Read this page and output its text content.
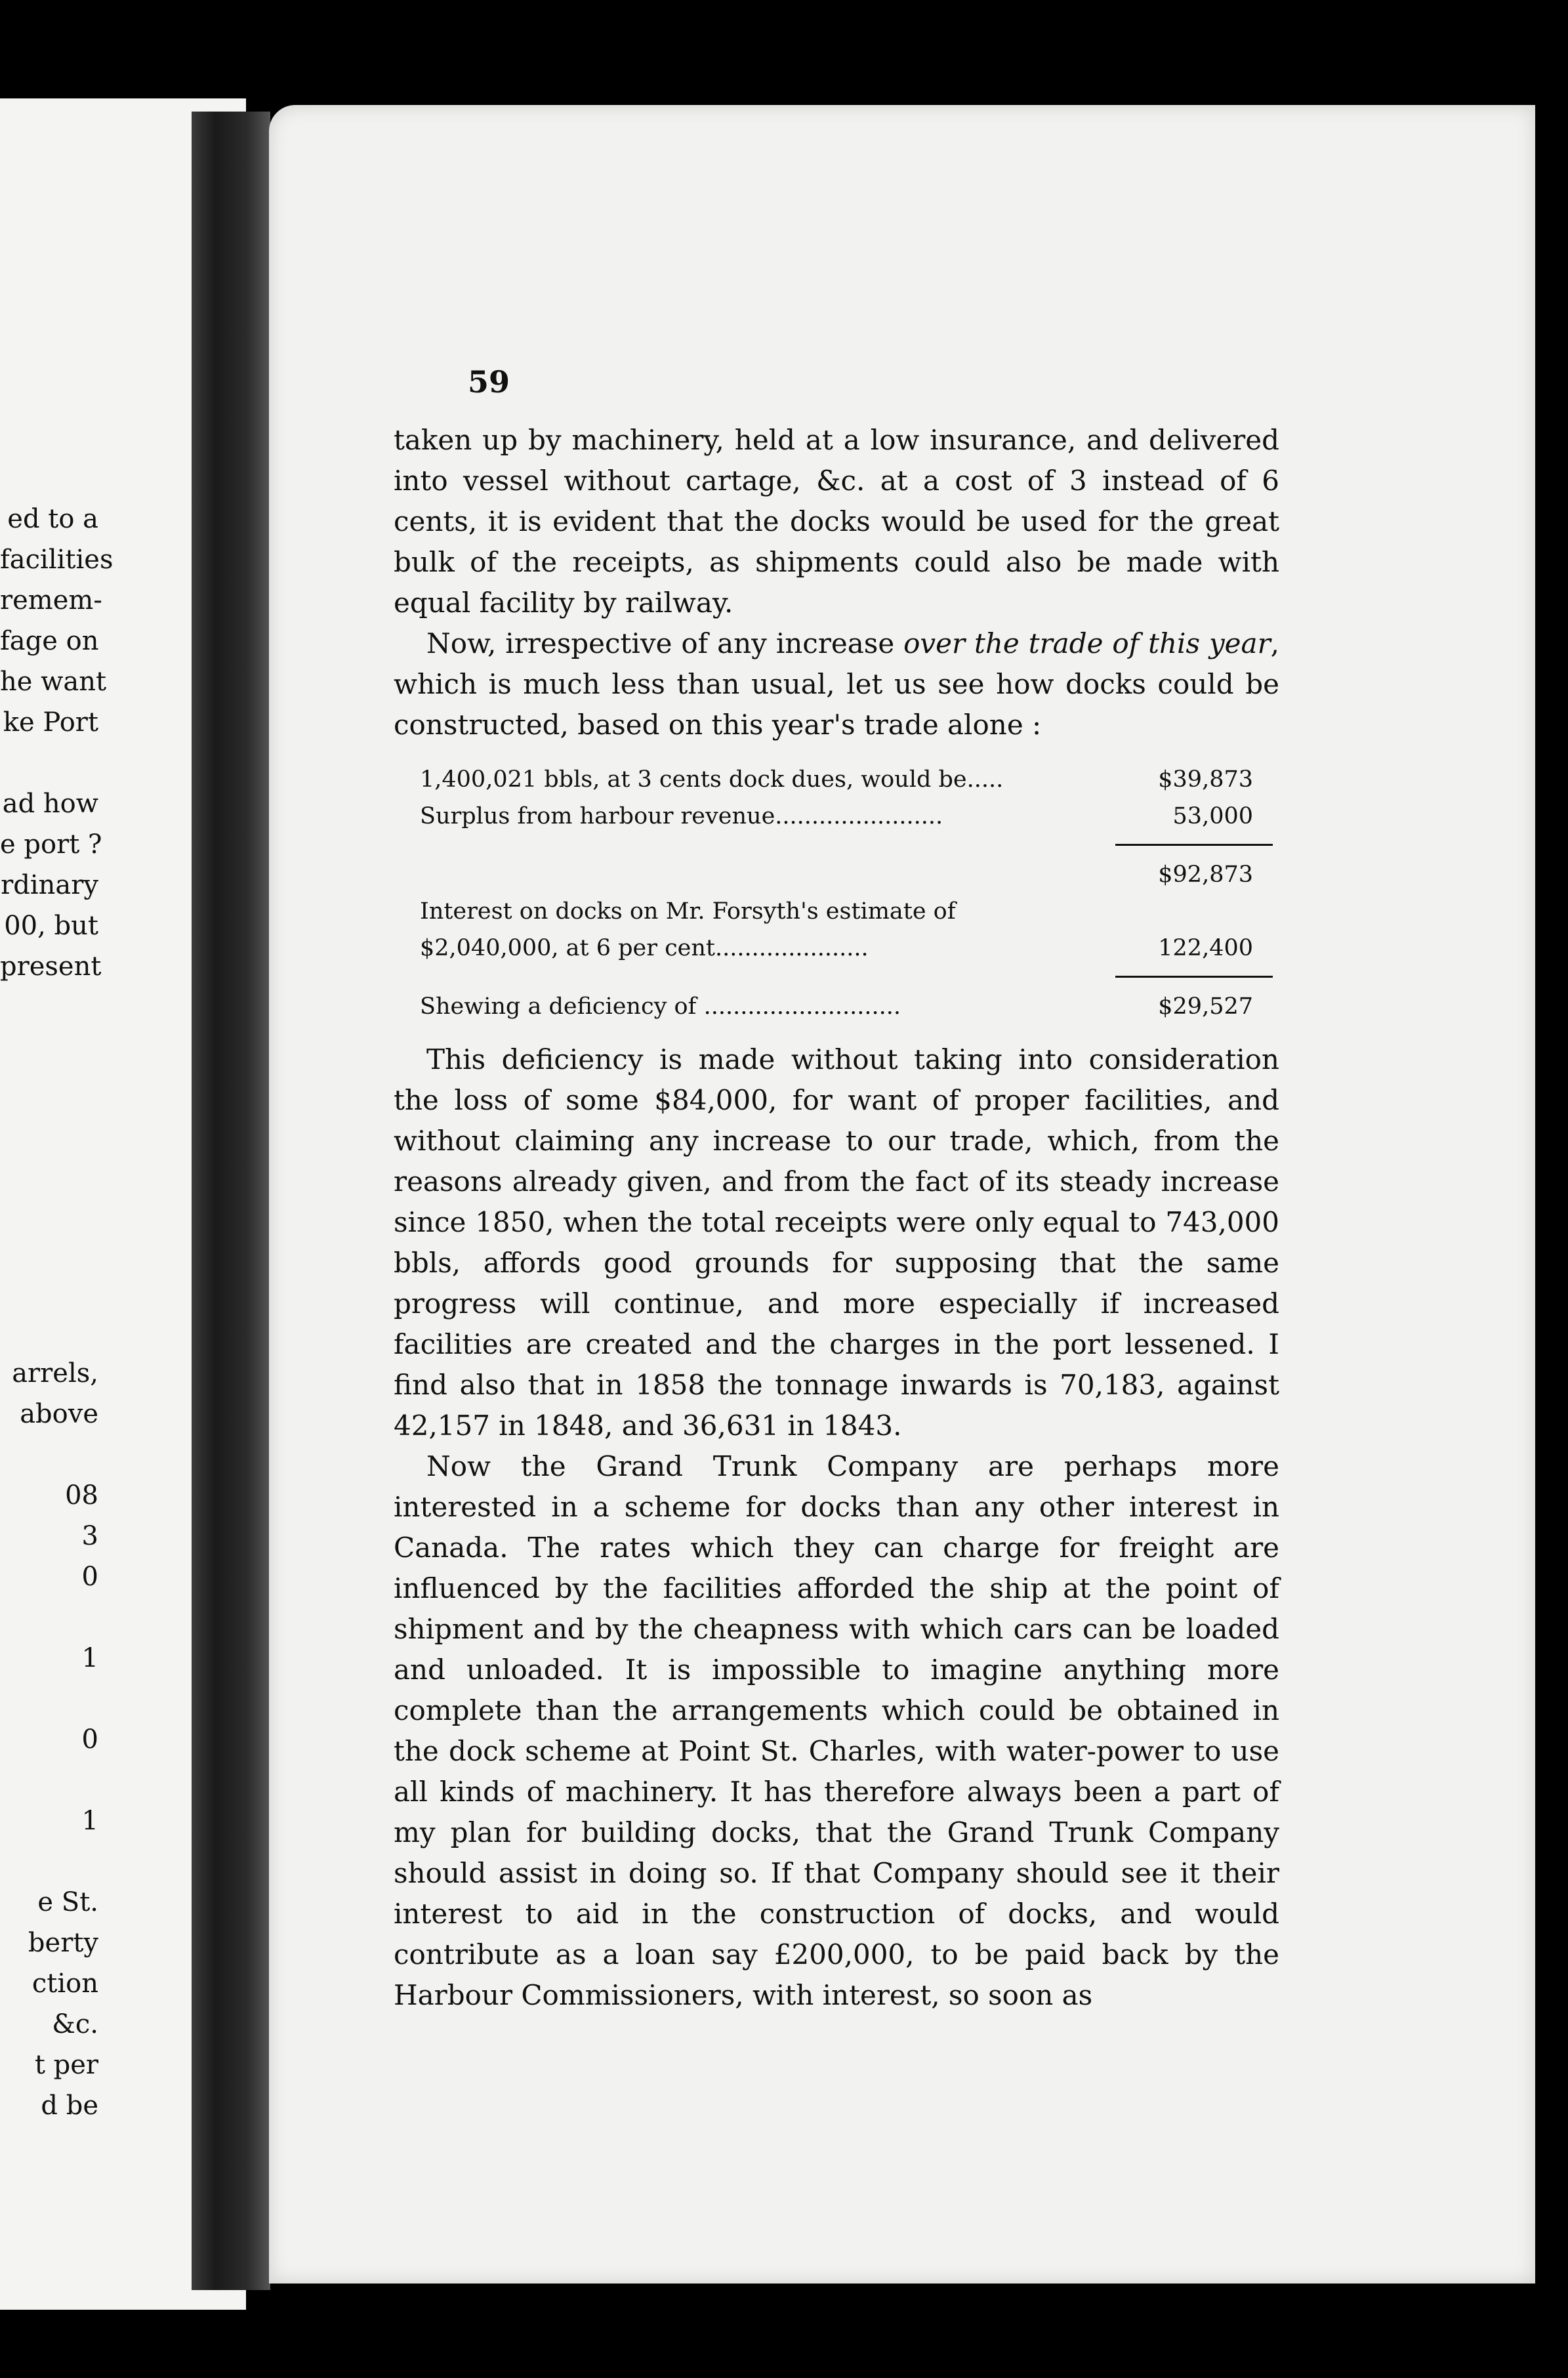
ed to a
facilities
remem-
fage on
he want
ke Port
ad how
e port ?
rdinary
00, but
present
arrels,
above
08
3
0
1
0
1
e St.
berty
ction
&c.
t per
d be
59

taken up by machinery, held at a low insurance, and delivered into vessel without cartage, &c. at a cost of 3 instead of 6 cents, it is evident that the docks would be used for the great bulk of the receipts, as shipments could also be made with equal facility by railway.

Now, irrespective of any increase over the trade of this year, which is much less than usual, let us see how docks could be constructed, based on this year's trade alone :

1,400,021 bbls, at 3 cents dock dues, would be.....	$39,873
Surplus from harbour revenue.......................	53,000

	$92,873
Interest on docks on Mr. Forsyth's estimate of	
$2,040,000, at 6 per cent.....................	122,400

Shewing a deficiency of ...........................	$29,527

This deficiency is made without taking into consideration the loss of some $84,000, for want of proper facilities, and without claiming any increase to our trade, which, from the reasons already given, and from the fact of its steady increase since 1850, when the total receipts were only equal to 743,000 bbls, affords good grounds for supposing that the same progress will continue, and more especially if increased facilities are created and the charges in the port lessened. I find also that in 1858 the tonnage inwards is 70,183, against 42,157 in 1848, and 36,631 in 1843.

Now the Grand Trunk Company are perhaps more interested in a scheme for docks than any other interest in Canada. The rates which they can charge for freight are influenced by the facilities afforded the ship at the point of shipment and by the cheapness with which cars can be loaded and unloaded. It is impossible to imagine anything more complete than the arrangements which could be obtained in the dock scheme at Point St. Charles, with water-power to use all kinds of machinery. It has therefore always been a part of my plan for building docks, that the Grand Trunk Company should assist in doing so. If that Company should see it their interest to aid in the construction of docks, and would contribute as a loan say £200,000, to be paid back by the Harbour Commissioners, with interest, so soon as
